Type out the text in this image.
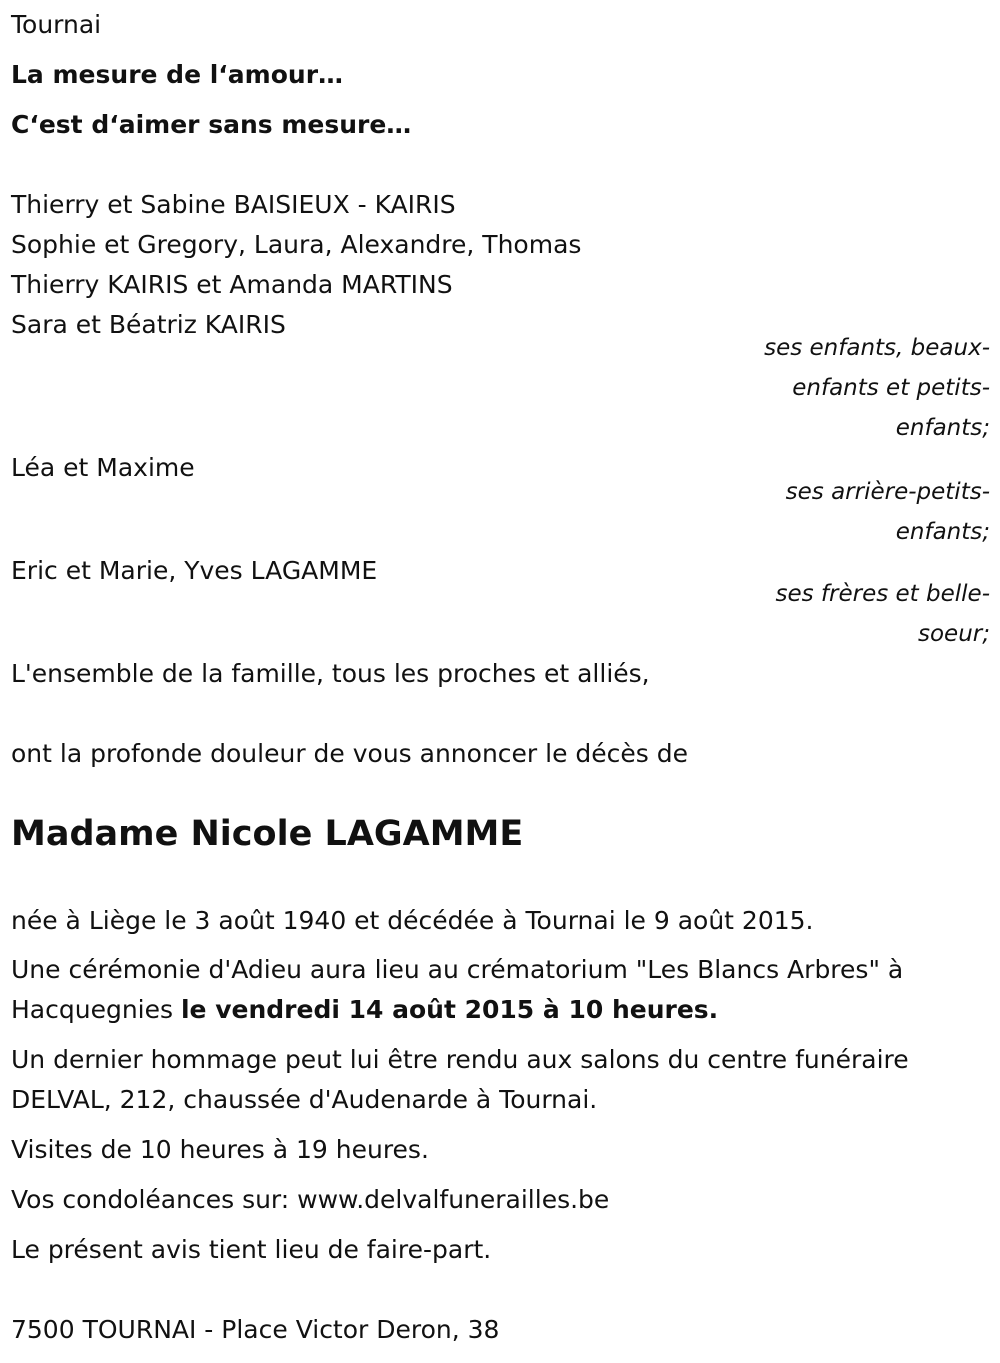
Tournai
La mesure de l‘amour…
C‘est d‘aimer sans mesure…
Thierry et Sabine BAISIEUX - KAIRIS
Sophie et Gregory, Laura, Alexandre, Thomas
Thierry KAIRIS et Amanda MARTINS
Sara et Béatriz KAIRIS
ses enfants, beaux-
enfants et petits-
enfants;
Léa et Maxime
ses arrière-petits-
enfants;
Eric et Marie, Yves LAGAMME
ses frères et belle-
soeur;
L'ensemble de la famille, tous les proches et alliés,
ont la profonde douleur de vous annoncer le décès de
Madame Nicole LAGAMME
née à Liège le 3 août 1940 et décédée à Tournai le 9 août 2015.
Une cérémonie d'Adieu aura lieu au crématorium "Les Blancs Arbres" à Hacquegnies le vendredi 14 août 2015 à 10 heures.
Un dernier hommage peut lui être rendu aux salons du centre funéraire DELVAL, 212, chaussée d'Audenarde à Tournai.
Visites de 10 heures à 19 heures.
Vos condoléances sur: www.delvalfunerailles.be
Le présent avis tient lieu de faire-part.
7500 TOURNAI - Place Victor Deron, 38
